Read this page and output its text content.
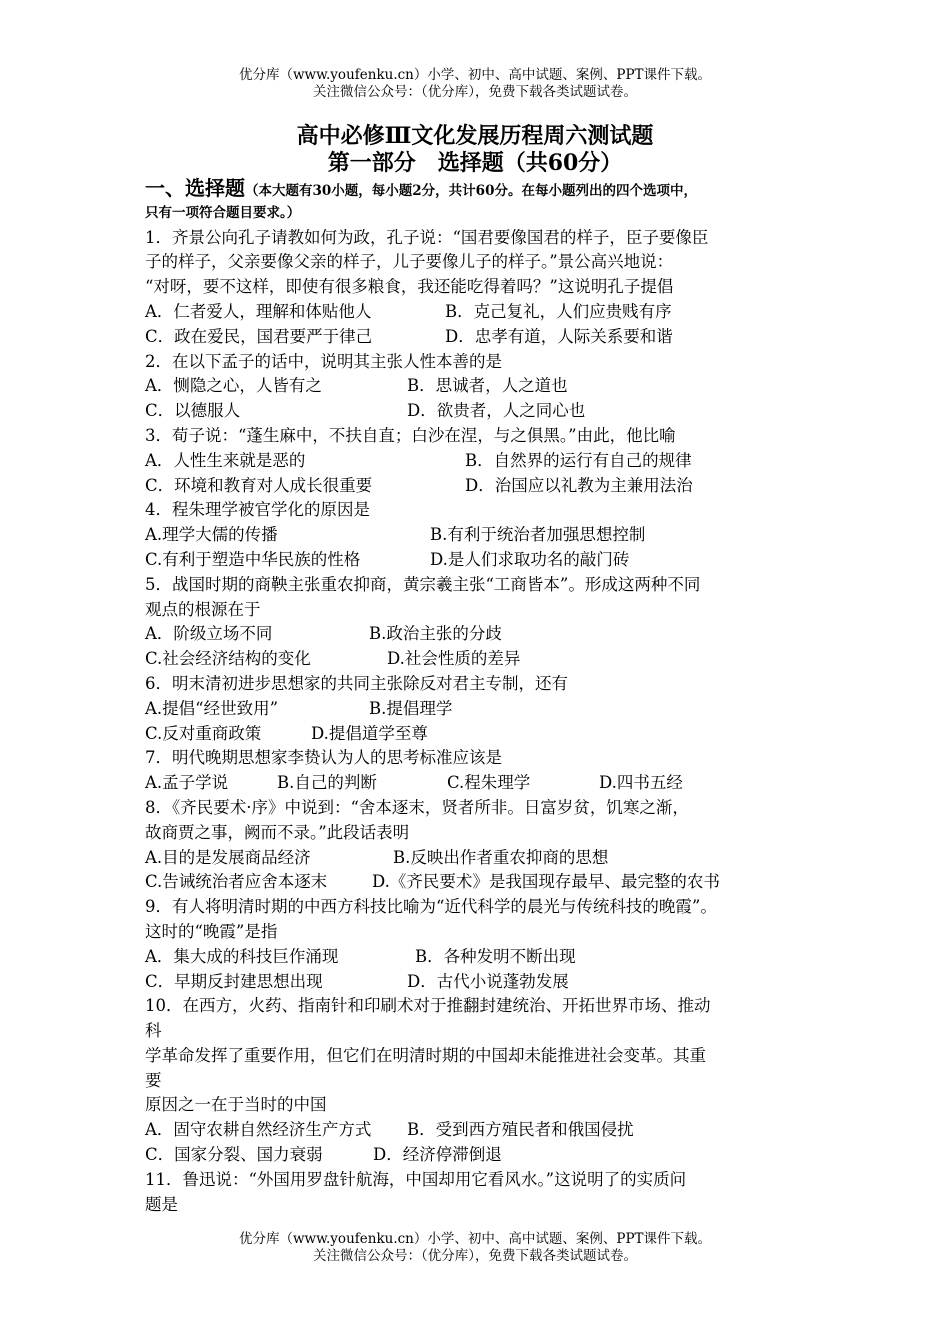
优分库（www.youfenku.cn）小学、初中、高中试题、案例、PPT课件下载。
关注微信公众号：（优分库），免费下载各类试题试卷。
高中必修Ⅲ文化发展历程周六测试题
第一部分　选择题（共60分）
一、选择题（本大题有30小题，每小题2分，共计60分。在每小题列出的四个选项中，
只有一项符合题目要求。）
1．齐景公向孔子请教如何为政，孔子说：“国君要像国君的样子，臣子要像臣
子的样子，父亲要像父亲的样子，儿子要像儿子的样子。”景公高兴地说：
“对呀，要不这样，即使有很多粮食，我还能吃得着吗？”这说明孔子提倡
A．仁者爱人，理解和体贴他人	B．克己复礼，人们应贵贱有序
C．政在爱民，国君要严于律己	D．忠孝有道，人际关系要和谐
2．在以下孟子的话中，说明其主张人性本善的是
A．恻隐之心，人皆有之	B．思诚者，人之道也
C．以德服人	D．欲贵者，人之同心也
3．荀子说：“蓬生麻中，不扶自直；白沙在涅，与之俱黑。”由此，他比喻
A．人性生来就是恶的	B．自然界的运行有自己的规律
C．环境和教育对人成长很重要	D．治国应以礼教为主兼用法治
4．程朱理学被官学化的原因是
A.理学大儒的传播	B.有利于统治者加强思想控制
C.有利于塑造中华民族的性格	D.是人们求取功名的敲门砖
5．战国时期的商鞅主张重农抑商，黄宗羲主张“工商皆本”。形成这两种不同
观点的根源在于
A．阶级立场不同	B.政治主张的分歧
C.社会经济结构的变化	D.社会性质的差异
6．明末清初进步思想家的共同主张除反对君主专制，还有
A.提倡“经世致用”	B.提倡理学
C.反对重商政策	D.提倡道学至尊
7．明代晚期思想家李贽认为人的思考标准应该是
A.孟子学说	B.自己的判断	C.程朱理学	D.四书五经
8．《齐民要术·序》中说到：“舍本逐末，贤者所非。日富岁贫，饥寒之渐，
故商贾之事，阙而不录。”此段话表明
A.目的是发展商品经济	B.反映出作者重农抑商的思想
C.告诫统治者应舍本逐末	D.《齐民要术》是我国现存最早、最完整的农书
9．有人将明清时期的中西方科技比喻为“近代科学的晨光与传统科技的晚霞”。
这时的“晚霞”是指
A．集大成的科技巨作涌现	B．各种发明不断出现
C．早期反封建思想出现	D．古代小说蓬勃发展
10．在西方，火药、指南针和印刷术对于推翻封建统治、开拓世界市场、推动
科
学革命发挥了重要作用，但它们在明清时期的中国却未能推进社会变革。其重
要
原因之一在于当时的中国
A．固守农耕自然经济生产方式 B．受到西方殖民者和俄国侵扰
C．国家分裂、国力衰弱	D．经济停滞倒退
11．鲁迅说：“外国用罗盘针航海，中国却用它看风水。”这说明了的实质问
题是
优分库（www.youfenku.cn）小学、初中、高中试题、案例、PPT课件下载。
关注微信公众号：（优分库），免费下载各类试题试卷。
